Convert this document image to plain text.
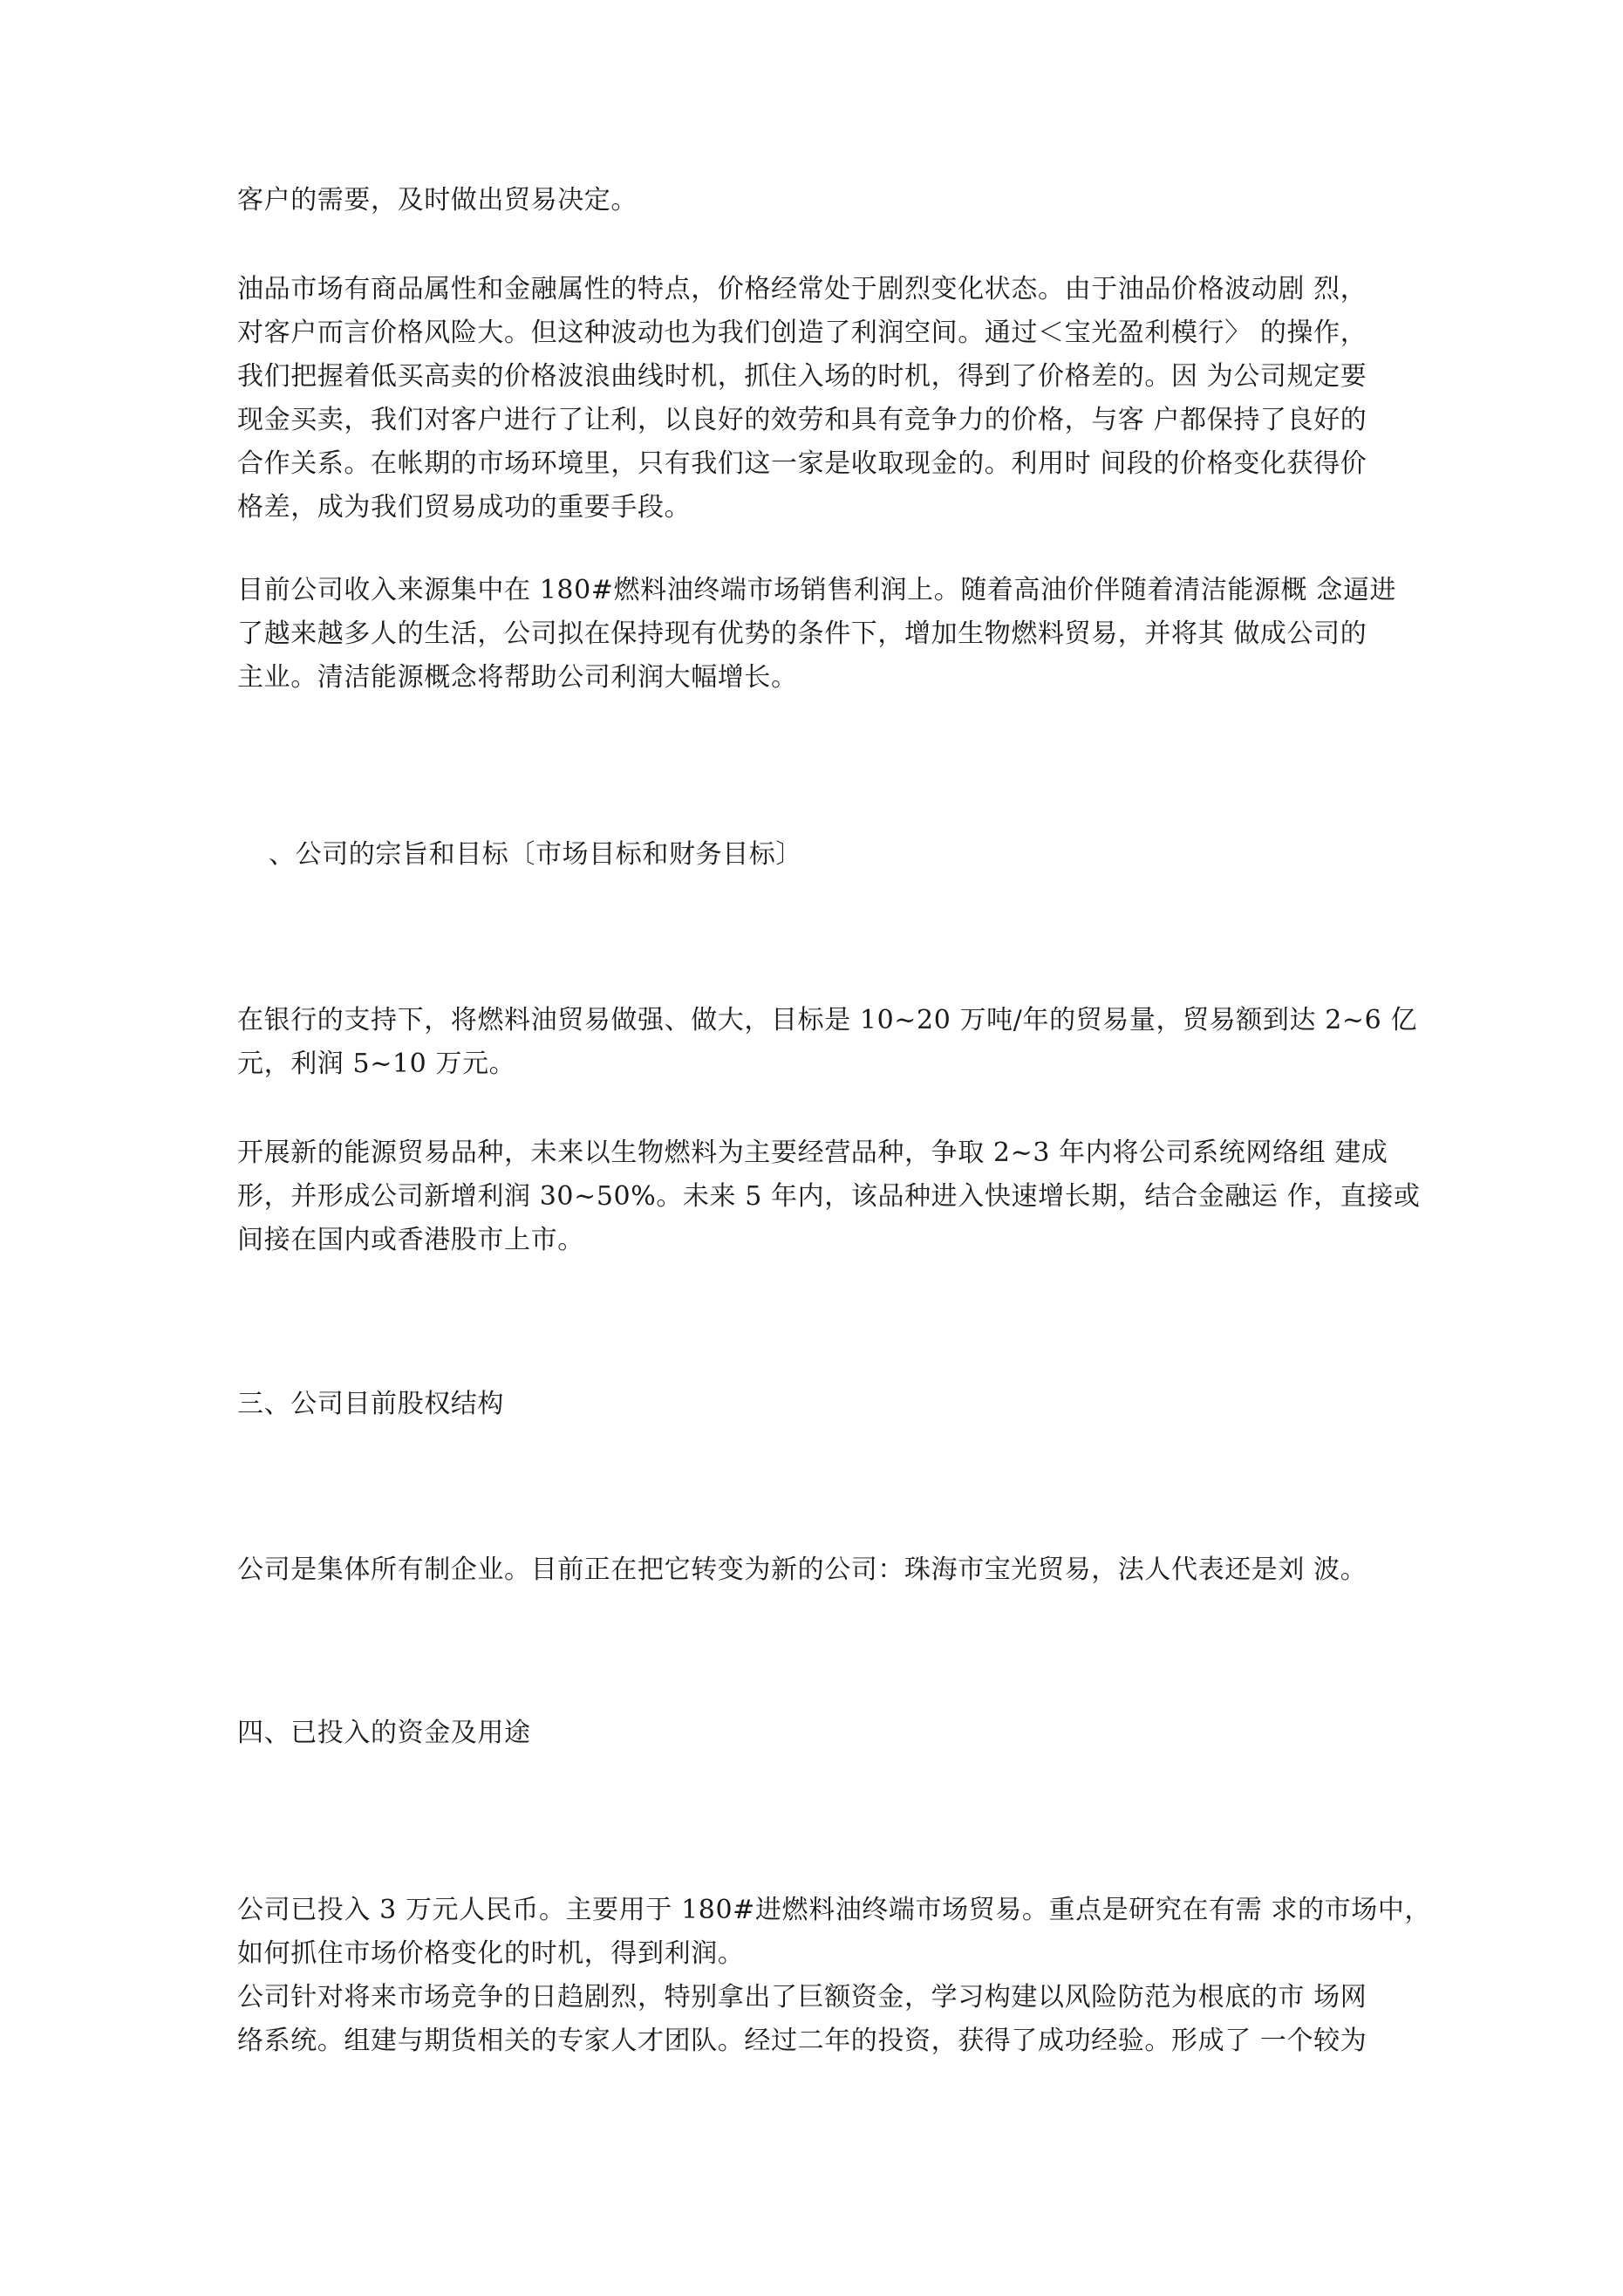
客户的需要，及时做出贸易决定。
油品市场有商品属性和金融属性的特点，价格经常处于剧烈变化状态。由于油品价格波动剧 烈，
对客户而言价格风险大。但这种波动也为我们创造了利润空间。通过＜宝光盈利模行〉 的操作，
我们把握着低买高卖的价格波浪曲线时机，抓住入场的时机，得到了价格差的。因 为公司规定要
现金买卖，我们对客户进行了让利，以良好的效劳和具有竞争力的价格，与客 户都保持了良好的
合作关系。在帐期的市场环境里，只有我们这一家是收取现金的。利用时 间段的价格变化获得价
格差，成为我们贸易成功的重要手段。
目前公司收入来源集中在 180#燃料油终端市场销售利润上。随着高油价伴随着清洁能源概 念逼进
了越来越多人的生活，公司拟在保持现有优势的条件下，增加生物燃料贸易，并将其 做成公司的
主业。清洁能源概念将帮助公司利润大幅增长。
、公司的宗旨和目标〔市场目标和财务目标〕
在银行的支持下，将燃料油贸易做强、做大，目标是 10~20 万吨/年的贸易量，贸易额到达 2~6 亿
元，利润 5~10 万元。
开展新的能源贸易品种，未来以生物燃料为主要经营品种，争取 2~3 年内将公司系统网络组 建成
形，并形成公司新增利润 30~50%。未来 5 年内，该品种进入快速增长期，结合金融运 作，直接或
间接在国内或香港股市上市。
三、公司目前股权结构
公司是集体所有制企业。目前正在把它转变为新的公司：珠海市宝光贸易，法人代表还是刘 波。
四、已投入的资金及用途
公司已投入 3 万元人民币。主要用于 180#进燃料油终端市场贸易。重点是研究在有需 求的市场中，
如何抓住市场价格变化的时机，得到利润。
公司针对将来市场竞争的日趋剧烈，特别拿出了巨额资金，学习构建以风险防范为根底的市 场网
络系统。组建与期货相关的专家人才团队。经过二年的投资，获得了成功经验。形成了 一个较为
